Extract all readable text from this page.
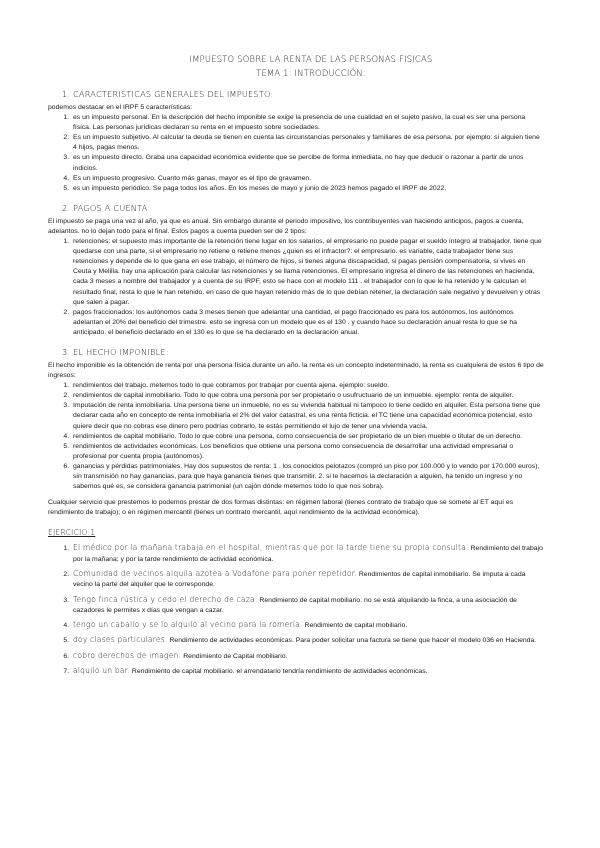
IMPUESTO SOBRE LA RENTA DE LAS PERSONAS FISICAS
TEMA 1: INTRODUCCIÓN:
1. CARACTERISTICAS GENERALES DEL IMPUESTO:

podemos destacar en el IRPF 5 características:

1. es un impuesto personal. En la descripción del hecho imponible se exige la presencia de una cualidad en el sujeto pasivo, la cual es ser una persona física. Las personas jurídicas declaran su renta en el impuesto sobre sociedades.
2. Es un impuesto subjetivo. Al calcular la deuda se tienen en cuenta las circunstancias personales y familiares de esa persona. por ejemplo: si alguien tiene 4 hijos, pagas menos.
3. es un impuesto directo. Graba una capacidad económica evidente que se percibe de forma inmediata, no hay que deducir o razonar a partir de unos indicios.
4. Es un impuesto progresivo. Cuanto más ganas, mayor es el tipo de gravamen.
5. es un impuesto periódico. Se paga todos los años. En los meses de mayo y junio de 2023 hemos pagado el IRPF de 2022.
2. PAGOS A CUENTA

El impuesto se paga una vez al año, ya que es anual. Sin embargo durante el periodo impositivo, los contribuyentes van haciendo anticipos, pagos a cuenta, adelantos. no lo dejan todo para el final. Estos pagos a cuenta pueden ser de 2 tipos:

1. retenciones: el supuesto más importante de la retención tiene lugar en los salarios, el empresario no puede pagar el sueldo íntegro al trabajador, tiene que quedarse con una parte, si el empresario no retiene o retiene menos ¿quien es el infractor?: el empresario. es variable, cada trabajador tiene sus retenciones y depende de lo que gana en ese trabajo, el número de hijos, si tienes alguna discapacidad, si pagas pensión compensatoria, si vives en Ceuta y Melilla. hay una aplicación para calcular las retenciones y se llama retenciones. El empresario ingresa el dinero de las retenciones en hacienda, cada 3 meses a nombre del trabajador y a cuenta de su IRPF, esto se hace con el modelo 111 . el trabajador con lo que le ha retenido y le calculan el resultado final, resta lo que le han retenido. en caso de que hayan retenido más de lo que debían retener, la declaración sale negativo y devuelven y otras que salen a pagar.
2. pagos fraccionados: los autónomos cada 3 meses tienen que adelantar una cantidad, el pago fraccionado es para los autónomos, los autónomos adelantan el 20% del beneficio del trimestre. esto se ingresa con un modelo que es el 130 . y cuando hace su declaración anual resta lo que se ha anticipado. el beneficio declarado en el 130 es lo que se ha declarado en la declaración anual.
3. EL HECHO IMPONIBLE:

El hecho imponible es la obtención de renta por una persona física durante un año. la renta es un concepto indeterminado, la renta es cualquiera de estos 6 tipo de ingresos:

1. rendimientos del trabajo. metemos todo lo que cobramos por trabajar por cuenta ajena. ejemplo: sueldo.
2. rendimientos de capital inmobiliario. Todo lo que cobra una persona por ser propietario o usufructuario de un inmueble. ejemplo: renta de alquiler.
3. Imputación de renta inmobiliaria. Una persona tiene un inmueble, no es su vivienda habitual ni tampoco lo tiene cedido en alquiler. Esta persona tiene que declarar cada año en concepto de renta inmobiliaria el 2% del valor catastral, es una renta ficticia. el TC tiene una capacidad económica potencial, esto quiere decir que no cobras ese dinero pero podrías cobrarlo, te estás permitiendo el lujo de tener una vivienda vacía.
4. rendimientos de capital mobiliario. Todo lo que cobre una persona, como consecuencia de ser propietario de un bien mueble o titular de un derecho.
5. rendimientos de actividades económicas. Los beneficios que obtiene una persona como consecuencia de desarrollar una actividad empresarial o profesional por cuenta propia (autónomos).
6. ganancias y pérdidas patrimoniales. Hay dos supuestos de renta: 1 . los conocidos pelotazos (compró un piso por 100.000 y lo vendo por 170.000 euros), sin transmisión no hay ganancias, para que haya ganancia tienes que transmitir. 2. si le hacemos la declaración a alguien, ha tenido un ingreso y no sabemos qué es, se considera ganancia patrimonial (un cajón dónde metemos todo lo que nos sobra).

Cualquier servicio que prestemos lo podemos prestar de dos formas distintas: en régimen laboral (tienes contrato de trabajo que se somete al ET aquí es rendimiento de trabajo); o en régimen mercantil (tienes un contrato mercantil, aquí rendimiento de la actividad económica).

EJERCICIO 1
1. El médico por la mañana trabaja en el hospital, mientras que por la tarde tiene su propia consulta. Rendimiento del trabajo por la mañana; y por la tarde rendimiento de actividad económica.
2. Comunidad de vecinos alquila azotea a Vodafone para poner repetidor. Rendimientos de capital inmobiliario. Se imputa a cada vecino la parte del alquiler que le corresponde.
3. Tengo finca rústica y cedo el derecho de caza. Rendimiento de capital mobiliario. no se está alquilando la finca, a una asociación de cazadores le permites x días que vengan a cazar.
4. tengo un caballo y se lo alquilo al vecino para la romería. Rendimiento de capital mobiliario.
5. doy clases particulares. Rendimiento de actividades económicas. Para poder solicitar una factura se tiene que hacer el modelo 036 en Hacienda.
6. cobro derechos de imagen. Rendimiento de Capital mobiliario.
7. alquilo un bar. Rendimiento de capital mobiliario. el arrendatario tendría rendimiento de actividades económicas.
